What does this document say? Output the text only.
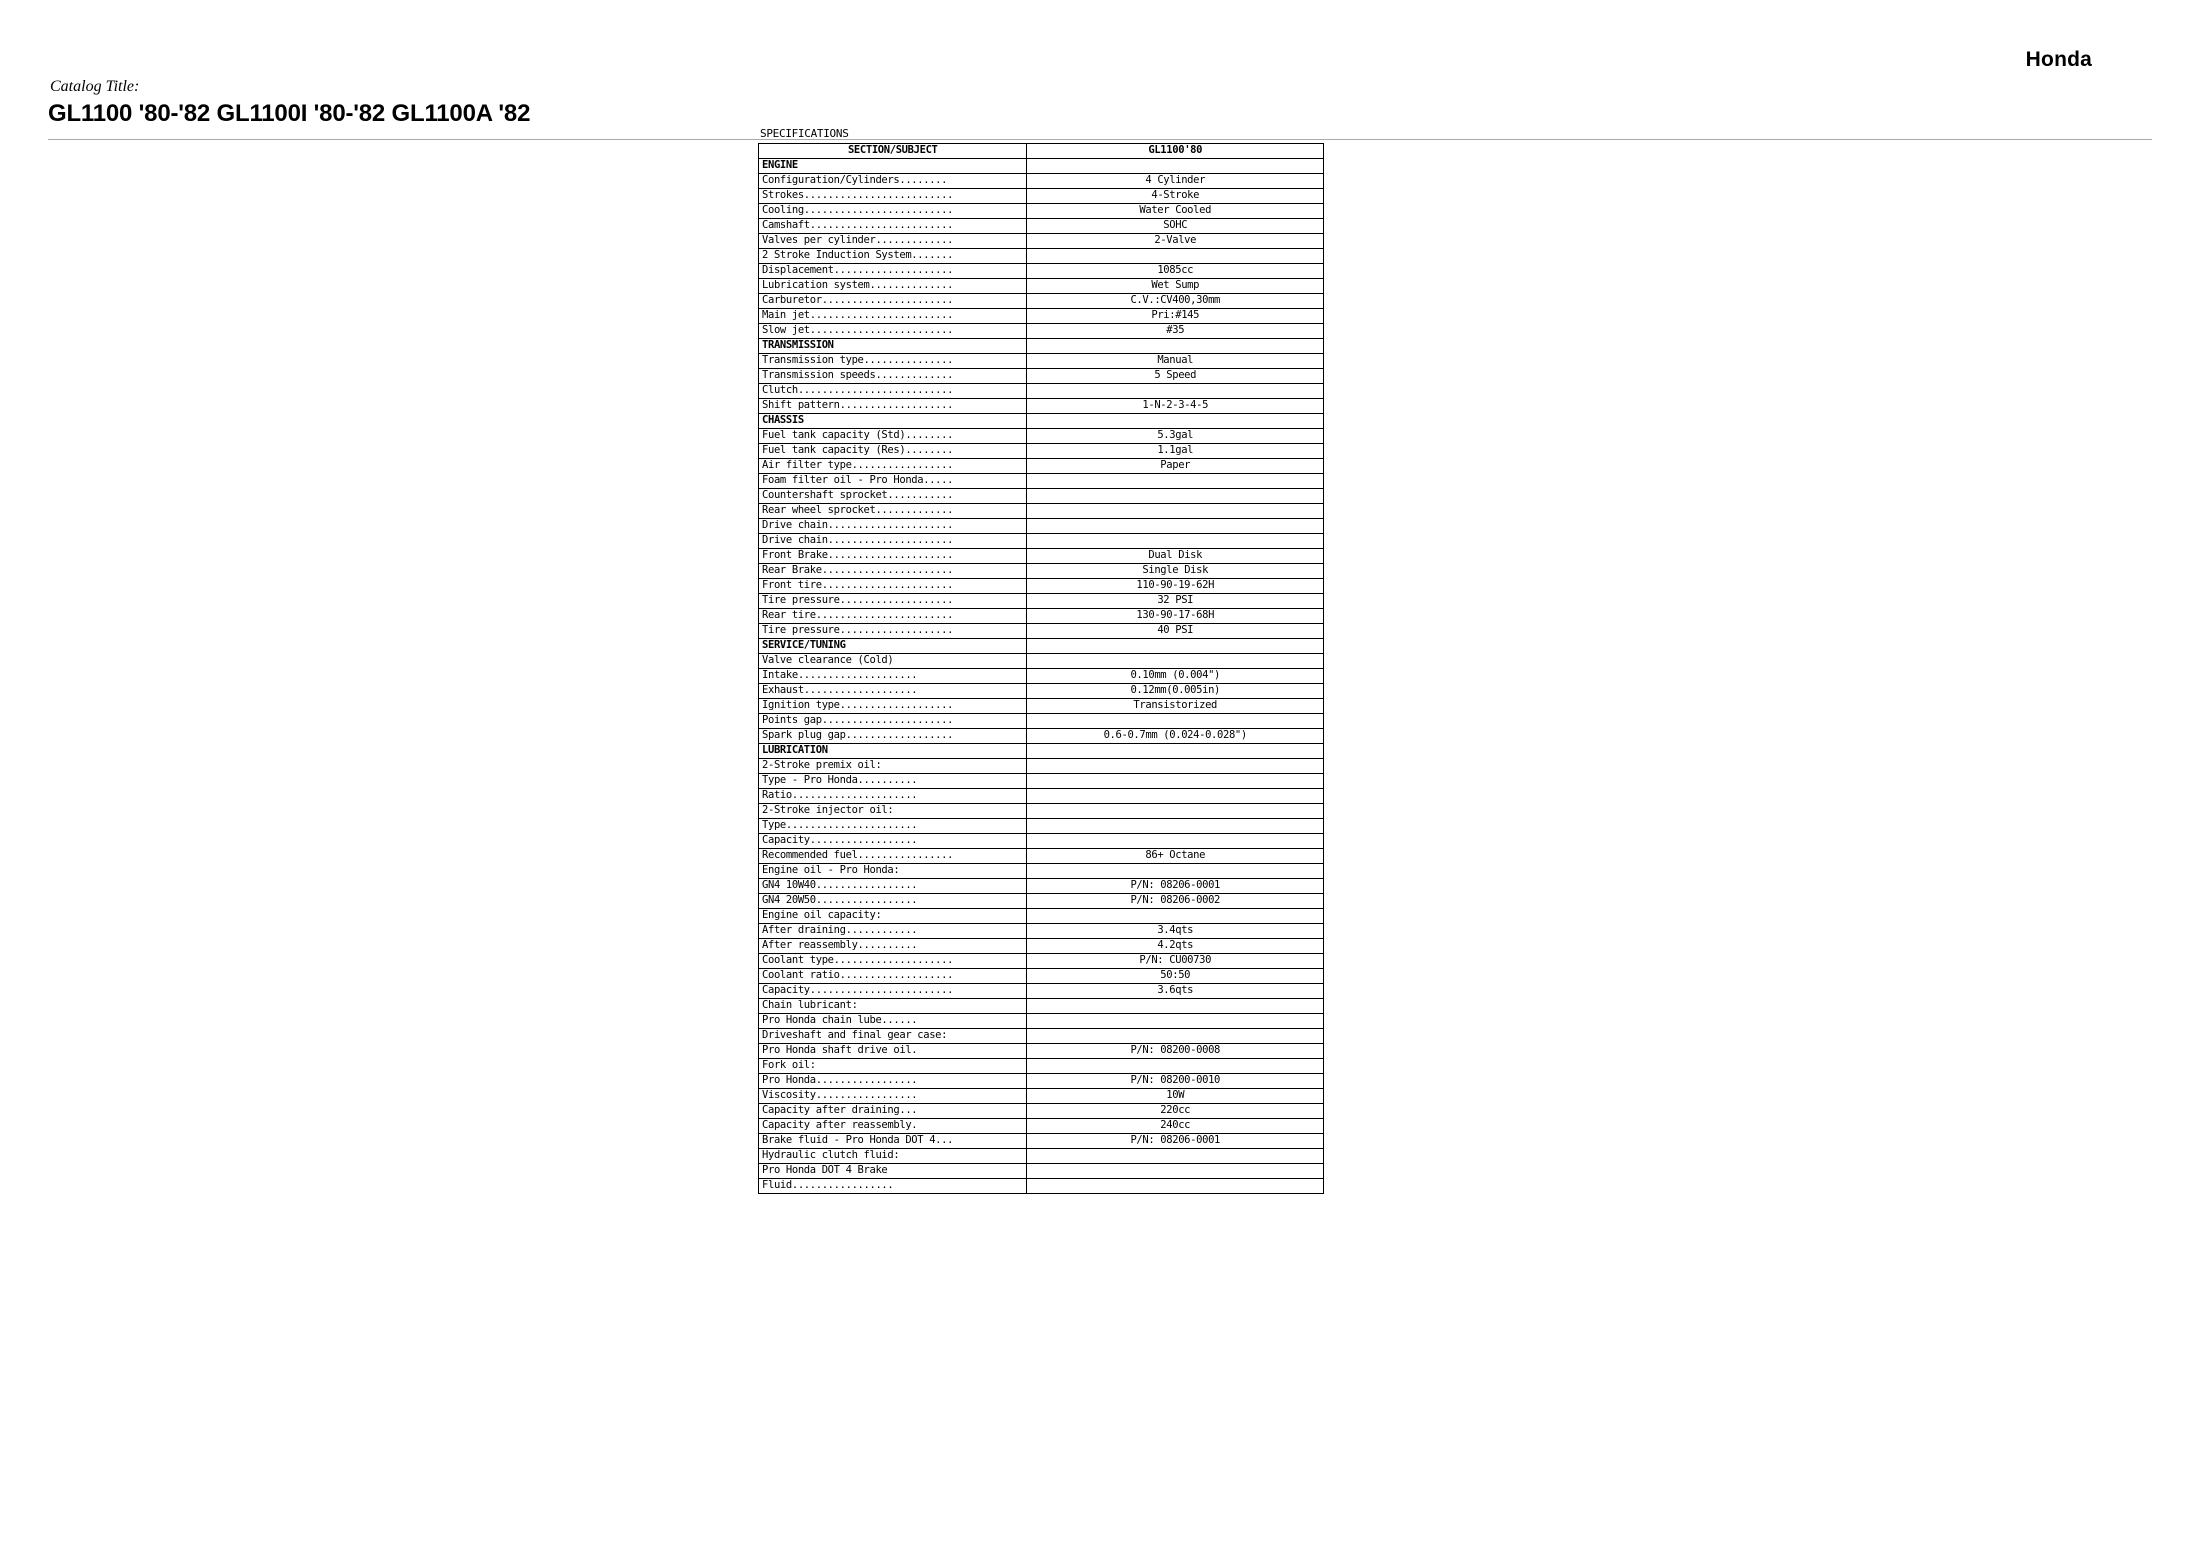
Honda
Catalog Title:
GL1100 '80-'82 GL1100I '80-'82 GL1100A '82
SPECIFICATIONS
SECTION/SUBJECT	GL1100'80
ENGINE	
Configuration/Cylinders........	4 Cylinder
Strokes.........................	4-Stroke
Cooling.........................	Water Cooled
Camshaft........................	SOHC
Valves per cylinder.............	2-Valve
2 Stroke Induction System.......	
Displacement....................	1085cc
Lubrication system..............	Wet Sump
Carburetor......................	C.V.:CV400,30mm
Main jet........................	Pri:#145
Slow jet........................	#35
TRANSMISSION	
Transmission type...............	Manual
Transmission speeds.............	5 Speed
Clutch..........................	
Shift pattern...................	1-N-2-3-4-5
CHASSIS	
Fuel tank capacity (Std)........	5.3gal
Fuel tank capacity (Res)........	1.1gal
Air filter type.................	Paper
Foam filter oil - Pro Honda.....	
Countershaft sprocket...........	
Rear wheel sprocket.............	
Drive chain.....................	
Drive chain.....................	
Front Brake.....................	Dual Disk
Rear Brake......................	Single Disk
Front tire......................	110-90-19-62H
Tire pressure...................	32 PSI
Rear tire.......................	130-90-17-68H
Tire pressure...................	40 PSI
SERVICE/TUNING	
Valve clearance (Cold)	
Intake....................	0.10mm (0.004")
Exhaust...................	0.12mm(0.005in)
Ignition type...................	Transistorized
Points gap......................	
Spark plug gap..................	0.6-0.7mm (0.024-0.028")
LUBRICATION	
2-Stroke premix oil:	
Type - Pro Honda..........	
Ratio.....................	
2-Stroke injector oil:	
Type......................	
Capacity..................	
Recommended fuel................	86+ Octane
Engine oil - Pro Honda:	
GN4 10W40.................	P/N: 08206-0001
GN4 20W50.................	P/N: 08206-0002
Engine oil capacity:	
After draining............	3.4qts
After reassembly..........	4.2qts
Coolant type....................	P/N: CU00730
Coolant ratio...................	50:50
Capacity........................	3.6qts
Chain lubricant:	
Pro Honda chain lube......	
Driveshaft and final gear case:	
Pro Honda shaft drive oil.	P/N: 08200-0008
Fork oil:	
Pro Honda.................	P/N: 08200-0010
Viscosity.................	10W
Capacity after draining...	220cc
Capacity after reassembly.	240cc
Brake fluid - Pro Honda DOT 4...	P/N: 08206-0001
Hydraulic clutch fluid:	
Pro Honda DOT 4 Brake	
Fluid.................	
